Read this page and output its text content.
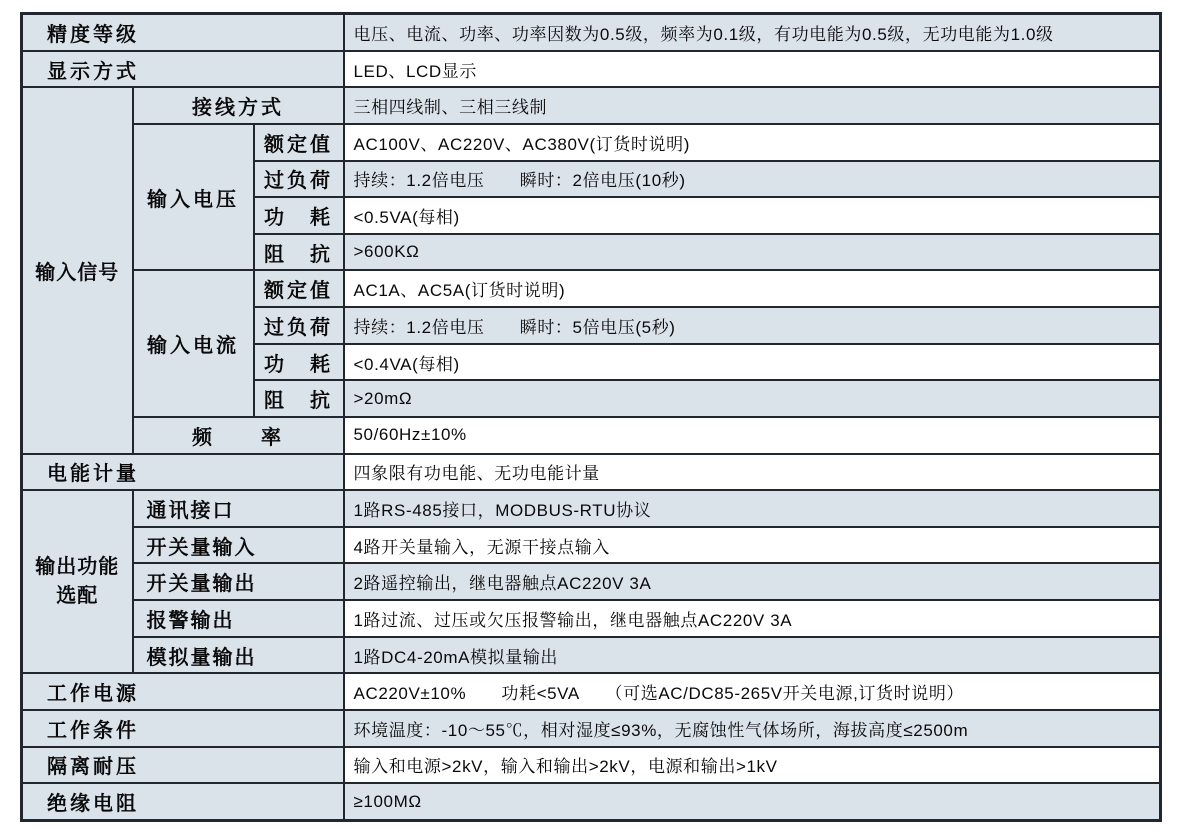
精度等级			电压、电流、功率、功率因数为0.5级，频率为0.1级，有功电能为0.5级，无功电能为1.0级
显示方式			LED、LCD显示
输入信号	接线方式		三相四线制、三相三线制
	输入电压	额定值	AC100V、AC220V、AC380V(订货时说明)
		过负荷	持续：1.2倍电压　　瞬时：2倍电压(10秒)
		功　耗	<0.5VA(每相)
		阻　抗	>600KΩ
	输入电流	额定值	AC1A、AC5A(订货时说明)
		过负荷	持续：1.2倍电压　　瞬时：5倍电压(5秒)
		功　耗	<0.4VA(每相)
		阻　抗	>20mΩ
	频　　率		50/60Hz±10%
电能计量			四象限有功电能、无功电能计量

输出功能
选配	通讯接口		1路RS-485接口，MODBUS-RTU协议
	开关量输入		4路开关量输入，无源干接点输入
	开关量输出		2路遥控输出，继电器触点AC220V 3A
	报警输出		1路过流、过压或欠压报警输出，继电器触点AC220V 3A
	模拟量输出		1路DC4-20mA模拟量输出
工作电源			AC220V±10%　　功耗<5VA　　（可选AC/DC85-265V开关电源,订货时说明）
工作条件			环境温度：-10～55℃，相对湿度≤93%，无腐蚀性气体场所，海拔高度≤2500m
隔离耐压			输入和电源>2kV，输入和输出>2kV，电源和输出>1kV
绝缘电阻			≥100MΩ
